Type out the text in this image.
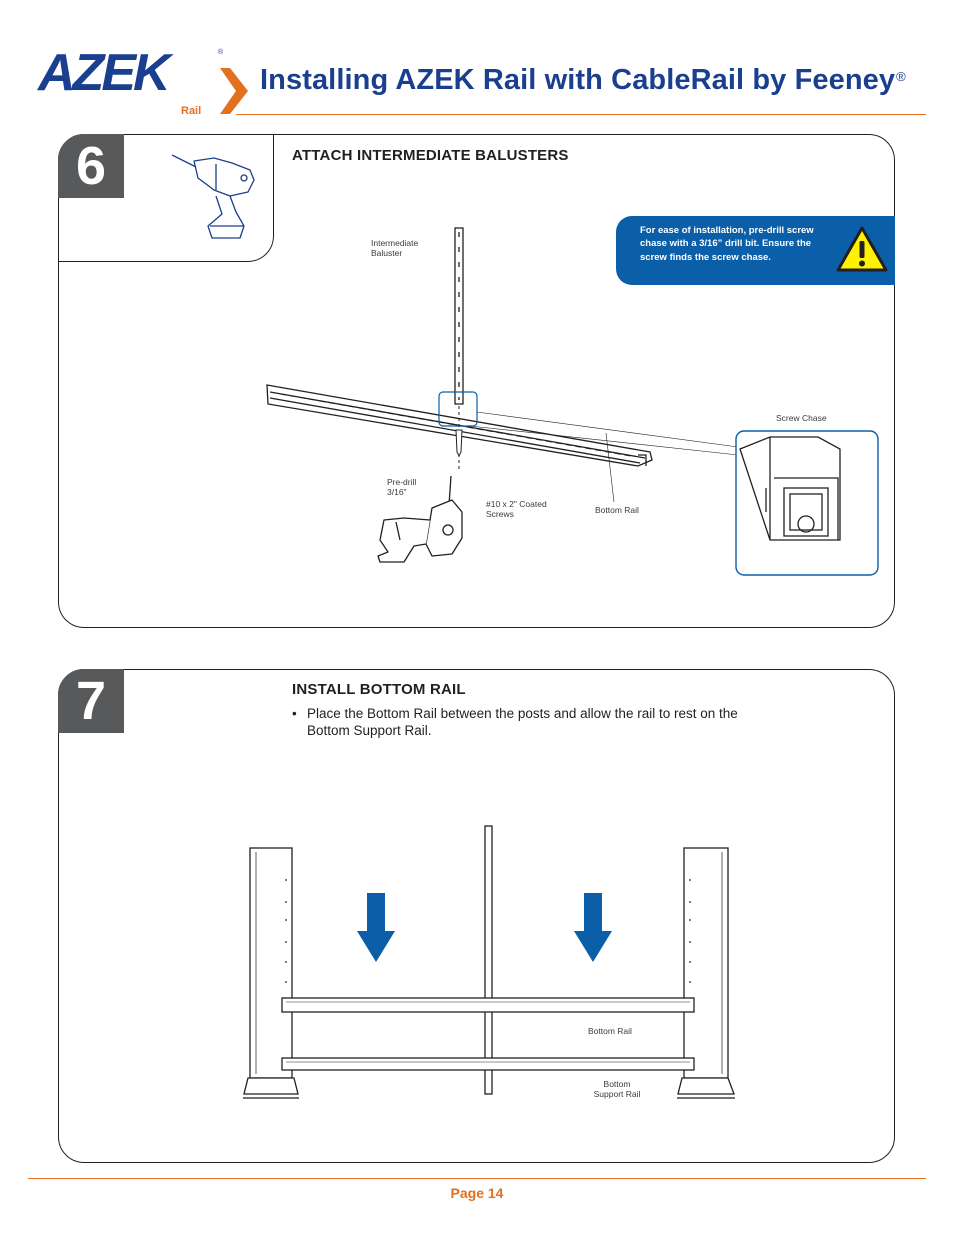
AZEK	®
Rail
Installing AZEK Rail with CableRail by Feeney®
6	ATTACH INTERMEDIATE BALUSTERS
For ease of installation, pre-drill screw chase with a 3/16” drill bit. Ensure the screw finds the screw chase.
Intermediate
Baluster
Screw Chase
Pre-drill
3/16"
#10 x 2" Coated
Screws	Bottom Rail
7	INSTALL BOTTOM RAIL
• Place the Bottom Rail between the posts and allow the rail to rest on the Bottom Support Rail.
Bottom Rail
Bottom
Support Rail
Page 14
